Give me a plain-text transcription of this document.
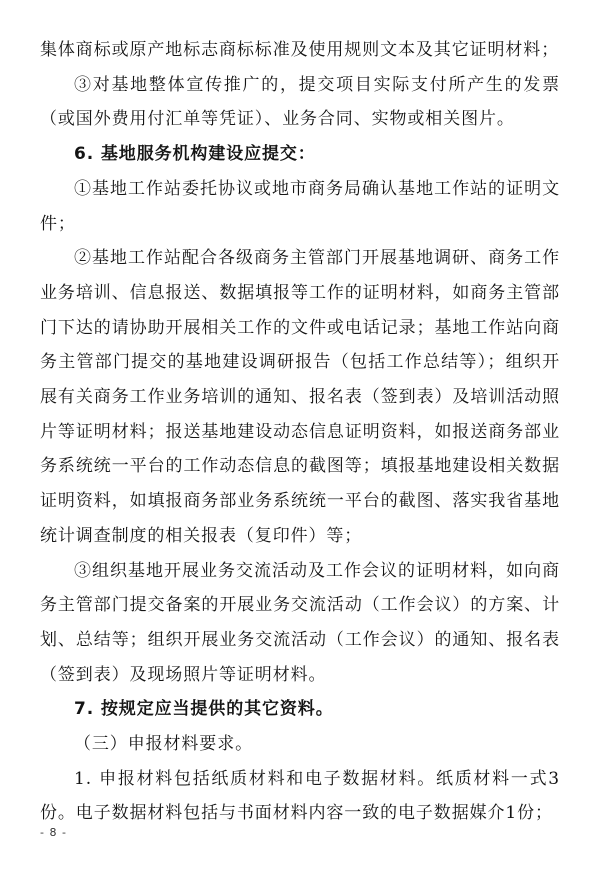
集体商标或原产地标志商标标准及使用规则文本及其它证明材料；

③对基地整体宣传推广的，提交项目实际支付所产生的发票（或国外费用付汇单等凭证）、业务合同、实物或相关图片。

6. 基地服务机构建设应提交：

①基地工作站委托协议或地市商务局确认基地工作站的证明文件；

②基地工作站配合各级商务主管部门开展基地调研、商务工作业务培训、信息报送、数据填报等工作的证明材料，如商务主管部门下达的请协助开展相关工作的文件或电话记录；基地工作站向商务主管部门提交的基地建设调研报告（包括工作总结等）；组织开展有关商务工作业务培训的通知、报名表（签到表）及培训活动照片等证明材料；报送基地建设动态信息证明资料，如报送商务部业务系统统一平台的工作动态信息的截图等；填报基地建设相关数据证明资料，如填报商务部业务系统统一平台的截图、落实我省基地统计调查制度的相关报表（复印件）等；

③组织基地开展业务交流活动及工作会议的证明材料，如向商务主管部门提交备案的开展业务交流活动（工作会议）的方案、计划、总结等；组织开展业务交流活动（工作会议）的通知、报名表（签到表）及现场照片等证明材料。

7. 按规定应当提供的其它资料。

（三）申报材料要求。

1. 申报材料包括纸质材料和电子数据材料。纸质材料一式3份。电子数据材料包括与书面材料内容一致的电子数据媒介1份；

- 8 -
